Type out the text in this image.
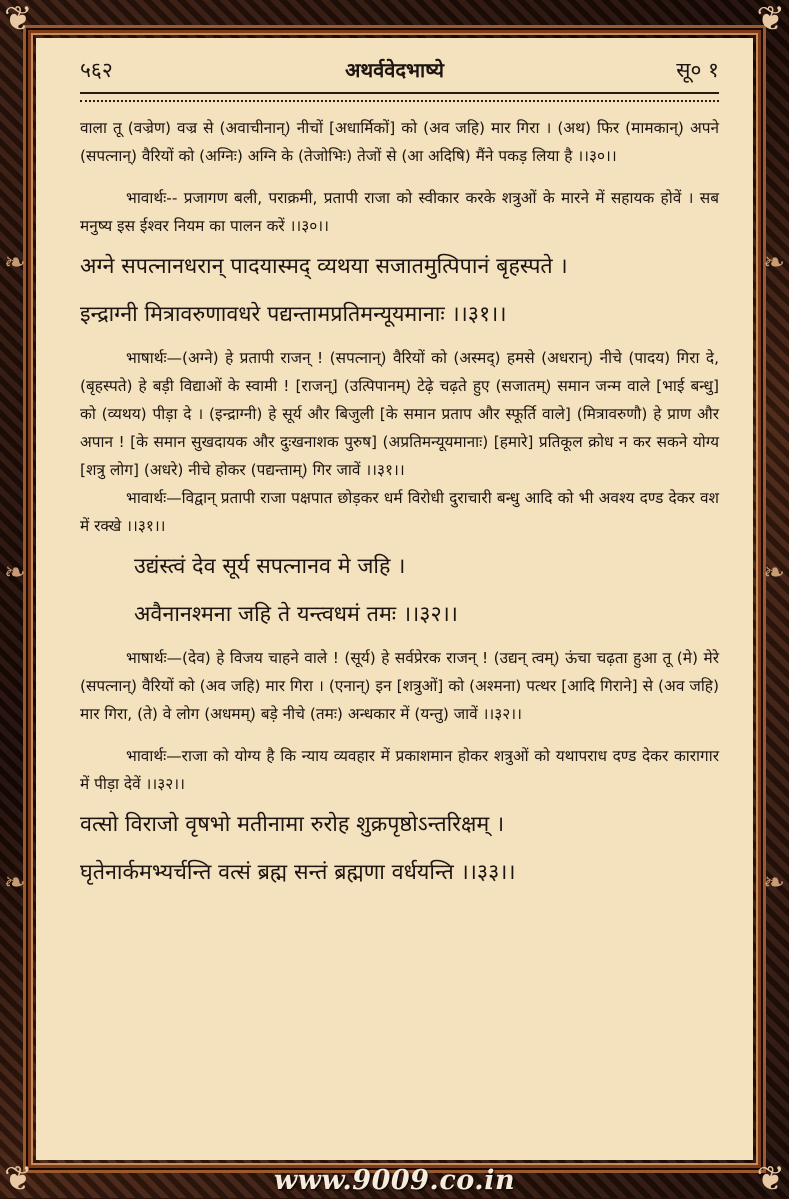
❦	❦
❦	❦
❧
❧
❧
❧
❧
❧
५६२	अथर्ववेदभाष्ये	सू० १

वाला तू (वज्रेण) वज्र से (अवाचीनान्) नीचों [अधार्मिकों] को (अव जहि) मार गिरा । (अथ) फिर (मामकान्) अपने (सपत्नान्) वैरियों को (अग्निः) अग्नि के (तेजोभिः) तेजों से (आ अदिषि) मैंने पकड़ लिया है ।।३०।।

भावार्थः-- प्रजागण बली, पराक्रमी, प्रतापी राजा को स्वीकार करके शत्रुओं के मारने में सहायक होवें । सब मनुष्य इस ईश्वर नियम का पालन करें ।।३०।।

अग्ने सपत्नानधरान् पादयास्मद् व्यथया सजातमुत्पिपानं बृहस्पते ।
इन्द्राग्नी मित्रावरुणावधरे पद्यन्तामप्रतिमन्यूयमानाः ।।३१।।

भाषार्थः—(अग्ने) हे प्रतापी राजन् ! (सपत्नान्) वैरियों को (अस्मद्) हमसे (अधरान्) नीचे (पादय) गिरा दे, (बृहस्पते) हे बड़ी विद्याओं के स्वामी ! [राजन्] (उत्पिपानम्) टेढ़े चढ़ते हुए (सजातम्) समान जन्म वाले [भाई बन्धु] को (व्यथय) पीड़ा दे । (इन्द्राग्नी) हे सूर्य और बिजुली [के समान प्रताप और स्फूर्ति वाले] (मित्रावरुणौ) हे प्राण और अपान ! [के समान सुखदायक और दुःखनाशक पुरुष] (अप्रतिमन्यूयमानाः) [हमारे] प्रतिकूल क्रोध न कर सकने योग्य [शत्रु लोग] (अधरे) नीचे होकर (पद्यन्ताम्) गिर जावें ।।३१।।

भावार्थः—विद्वान् प्रतापी राजा पक्षपात छोड़कर धर्म विरोधी दुराचारी बन्धु आदि को भी अवश्य दण्ड देकर वश में रक्खे ।।३१।।

उद्यंस्त्वं देव सूर्य सपत्नानव मे जहि ।
अवैनानश्मना जहि ते यन्त्वधमं तमः ।।३२।।

भाषार्थः—(देव) हे विजय चाहने वाले ! (सूर्य) हे सर्वप्रेरक राजन् ! (उद्यन् त्वम्) ऊंचा चढ़ता हुआ तू (मे) मेरे (सपत्नान्) वैरियों को (अव जहि) मार गिरा । (एनान्) इन [शत्रुओं] को (अश्मना) पत्थर [आदि गिराने] से (अव जहि) मार गिरा, (ते) वे लोग (अधमम्) बड़े नीचे (तमः) अन्धकार में (यन्तु) जावें ।।३२।।

भावार्थः—राजा को योग्य है कि न्याय व्यवहार में प्रकाशमान होकर शत्रुओं को यथापराध दण्ड देकर कारागार में पीड़ा देवें ।।३२।।

वत्सो विराजो वृषभो मतीनामा रुरोह शुक्रपृष्ठोऽन्तरिक्षम् ।
घृतेनार्कमभ्यर्चन्ति वत्सं ब्रह्म सन्तं ब्रह्मणा वर्धयन्ति ।।३३।।
www.9009.co.in
